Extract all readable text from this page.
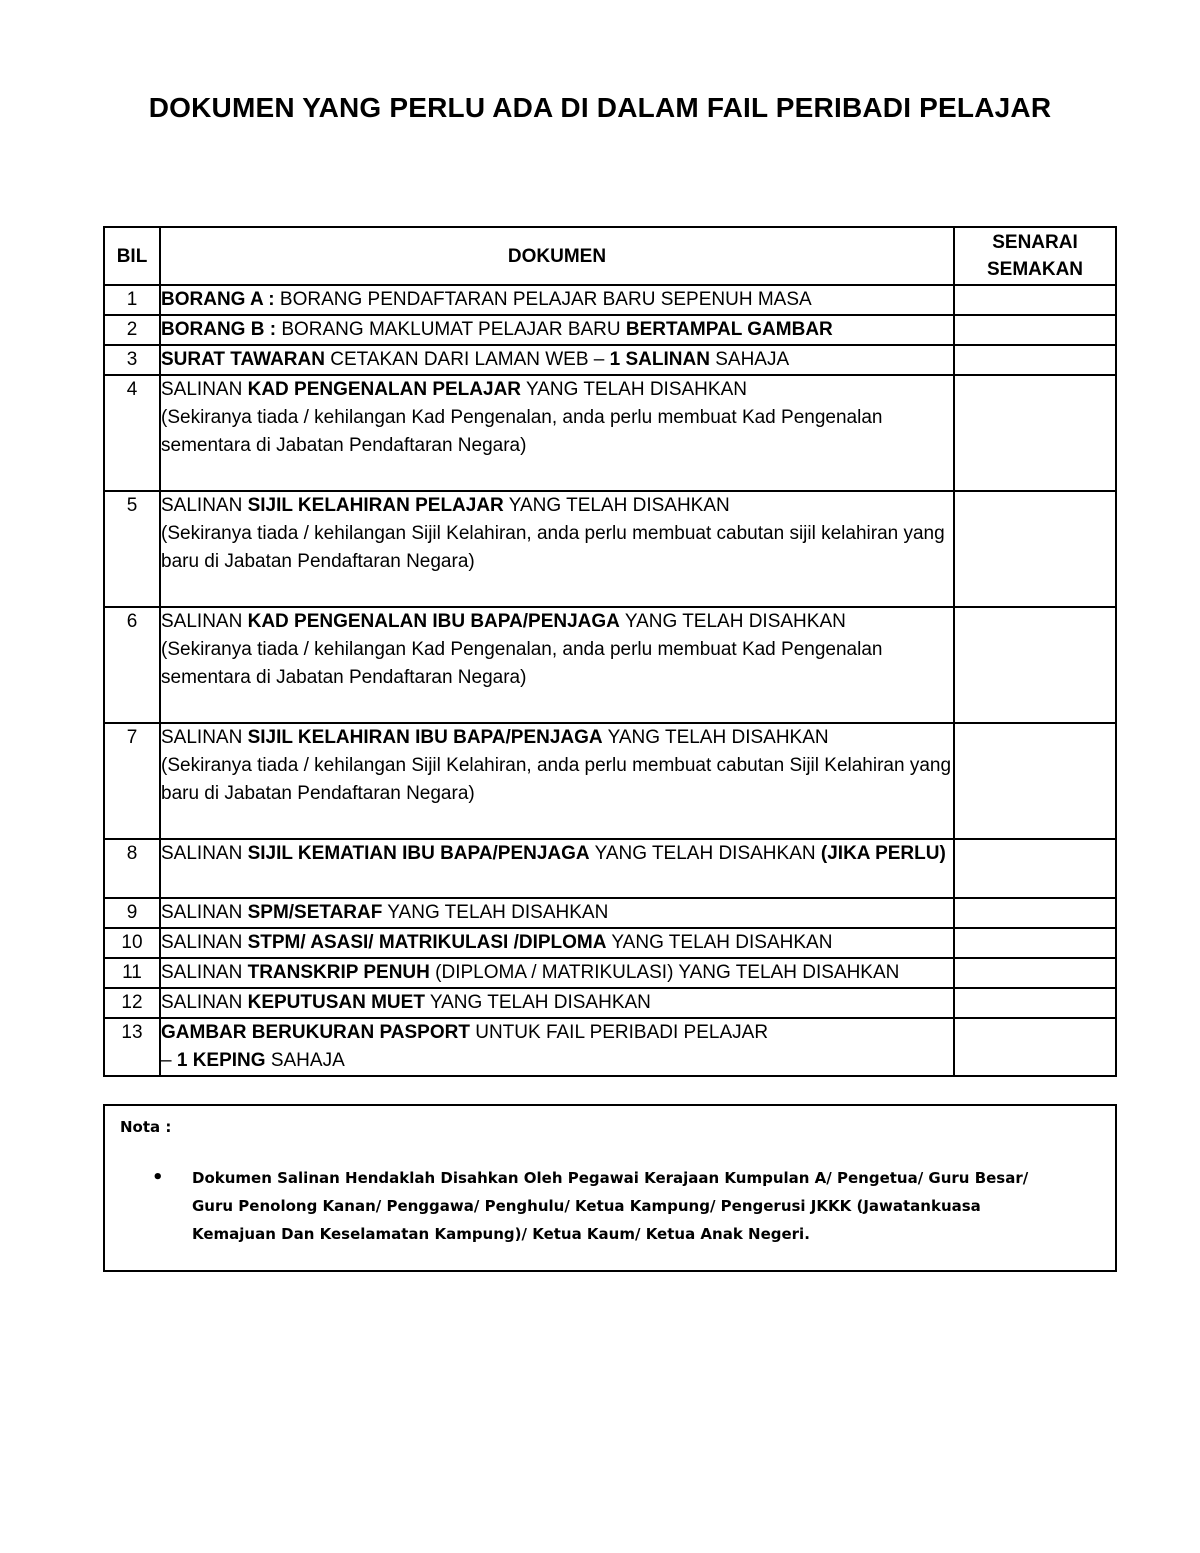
DOKUMEN YANG PERLU ADA DI DALAM FAIL PERIBADI PELAJAR
BIL	DOKUMEN	SENARAI
SEMAKAN
1	BORANG A : BORANG PENDAFTARAN PELAJAR BARU SEPENUH MASA	
2	BORANG B : BORANG MAKLUMAT PELAJAR BARU BERTAMPAL GAMBAR	
3	SURAT TAWARAN CETAKAN DARI LAMAN WEB – 1 SALINAN SAHAJA	
4	SALINAN KAD PENGENALAN PELAJAR YANG TELAH DISAHKAN
(Sekiranya tiada / kehilangan Kad Pengenalan, anda perlu membuat Kad Pengenalan sementara di Jabatan Pendaftaran Negara)	

5	SALINAN SIJIL KELAHIRAN PELAJAR YANG TELAH DISAHKAN
(Sekiranya tiada / kehilangan Sijil Kelahiran, anda perlu membuat cabutan sijil kelahiran yang baru di Jabatan Pendaftaran Negara)	

6	SALINAN KAD PENGENALAN IBU BAPA/PENJAGA YANG TELAH DISAHKAN
(Sekiranya tiada / kehilangan Kad Pengenalan, anda perlu membuat Kad Pengenalan sementara di Jabatan Pendaftaran Negara)	

7	SALINAN SIJIL KELAHIRAN IBU BAPA/PENJAGA YANG TELAH DISAHKAN
(Sekiranya tiada / kehilangan Sijil Kelahiran, anda perlu membuat cabutan Sijil Kelahiran yang baru di Jabatan Pendaftaran Negara)	

8	SALINAN SIJIL KEMATIAN IBU BAPA/PENJAGA YANG TELAH DISAHKAN (JIKA PERLU)	
9	SALINAN SPM/SETARAF YANG TELAH DISAHKAN	
10	SALINAN STPM/ ASASI/ MATRIKULASI /DIPLOMA YANG TELAH DISAHKAN	
11	SALINAN TRANSKRIP PENUH (DIPLOMA / MATRIKULASI) YANG TELAH DISAHKAN	
12	SALINAN KEPUTUSAN MUET YANG TELAH DISAHKAN	
13	GAMBAR BERUKURAN PASPORT UNTUK FAIL PERIBADI PELAJAR
– 1 KEPING SAHAJA	
Nota :
• Dokumen Salinan Hendaklah Disahkan Oleh Pegawai Kerajaan Kumpulan A/ Pengetua/ Guru Besar/ Guru Penolong Kanan/ Penggawa/ Penghulu/ Ketua Kampung/ Pengerusi JKKK (Jawatankuasa Kemajuan Dan Keselamatan Kampung)/ Ketua Kaum/ Ketua Anak Negeri.
